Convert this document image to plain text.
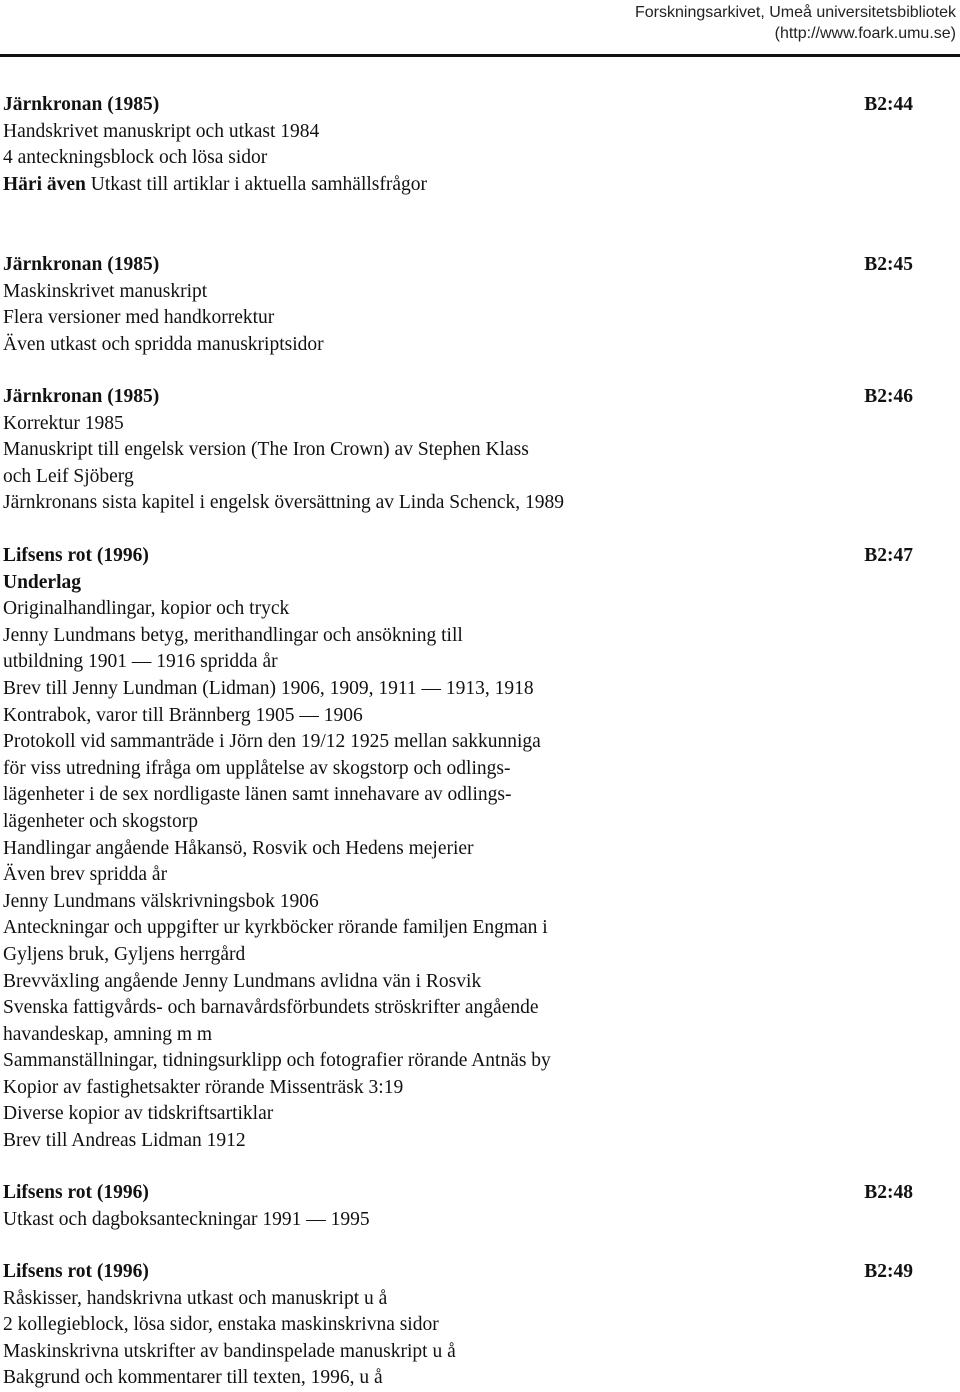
Forskningsarkivet, Umeå universitetsbibliotek
(http://www.foark.umu.se)
Järnkronan (1985)	B2:44
Handskrivet manuskript och utkast 1984
4 anteckningsblock och lösa sidor
Häri även Utkast till artiklar i aktuella samhällsfrågor
Järnkronan (1985)	B2:45
Maskinskrivet manuskript
Flera versioner med handkorrektur
Även utkast och spridda manuskriptsidor
Järnkronan (1985)	B2:46
Korrektur 1985
Manuskript till engelsk version (The Iron Crown) av Stephen Klass
och Leif Sjöberg
Järnkronans sista kapitel i engelsk översättning av Linda Schenck, 1989
Lifsens rot (1996)	B2:47
Underlag
Originalhandlingar, kopior och tryck
Jenny Lundmans betyg, merithandlingar och ansökning till
utbildning 1901 — 1916 spridda år
Brev till Jenny Lundman (Lidman) 1906, 1909, 1911 — 1913, 1918
Kontrabok, varor till Brännberg 1905 — 1906
Protokoll vid sammanträde i Jörn den 19/12 1925 mellan sakkunniga
för viss utredning ifråga om upplåtelse av skogstorp och odlings-
lägenheter i de sex nordligaste länen samt innehavare av odlings-
lägenheter och skogstorp
Handlingar angående Håkansö, Rosvik och Hedens mejerier
Även brev spridda år
Jenny Lundmans välskrivningsbok 1906
Anteckningar och uppgifter ur kyrkböcker rörande familjen Engman i
Gyljens bruk, Gyljens herrgård
Brevväxling angående Jenny Lundmans avlidna vän i Rosvik
Svenska fattigvårds- och barnavårdsförbundets ströskrifter angående
havandeskap, amning m m
Sammanställningar, tidningsurklipp och fotografier rörande Antnäs by
Kopior av fastighetsakter rörande Missenträsk 3:19
Diverse kopior av tidskriftsartiklar
Brev till Andreas Lidman 1912
Lifsens rot (1996)	B2:48
Utkast och dagboksanteckningar 1991 — 1995
Lifsens rot (1996)	B2:49
Råskisser, handskrivna utkast och manuskript u å
2 kollegieblock, lösa sidor, enstaka maskinskrivna sidor
Maskinskrivna utskrifter av bandinspelade manuskript u å
Bakgrund och kommentarer till texten, 1996, u å
